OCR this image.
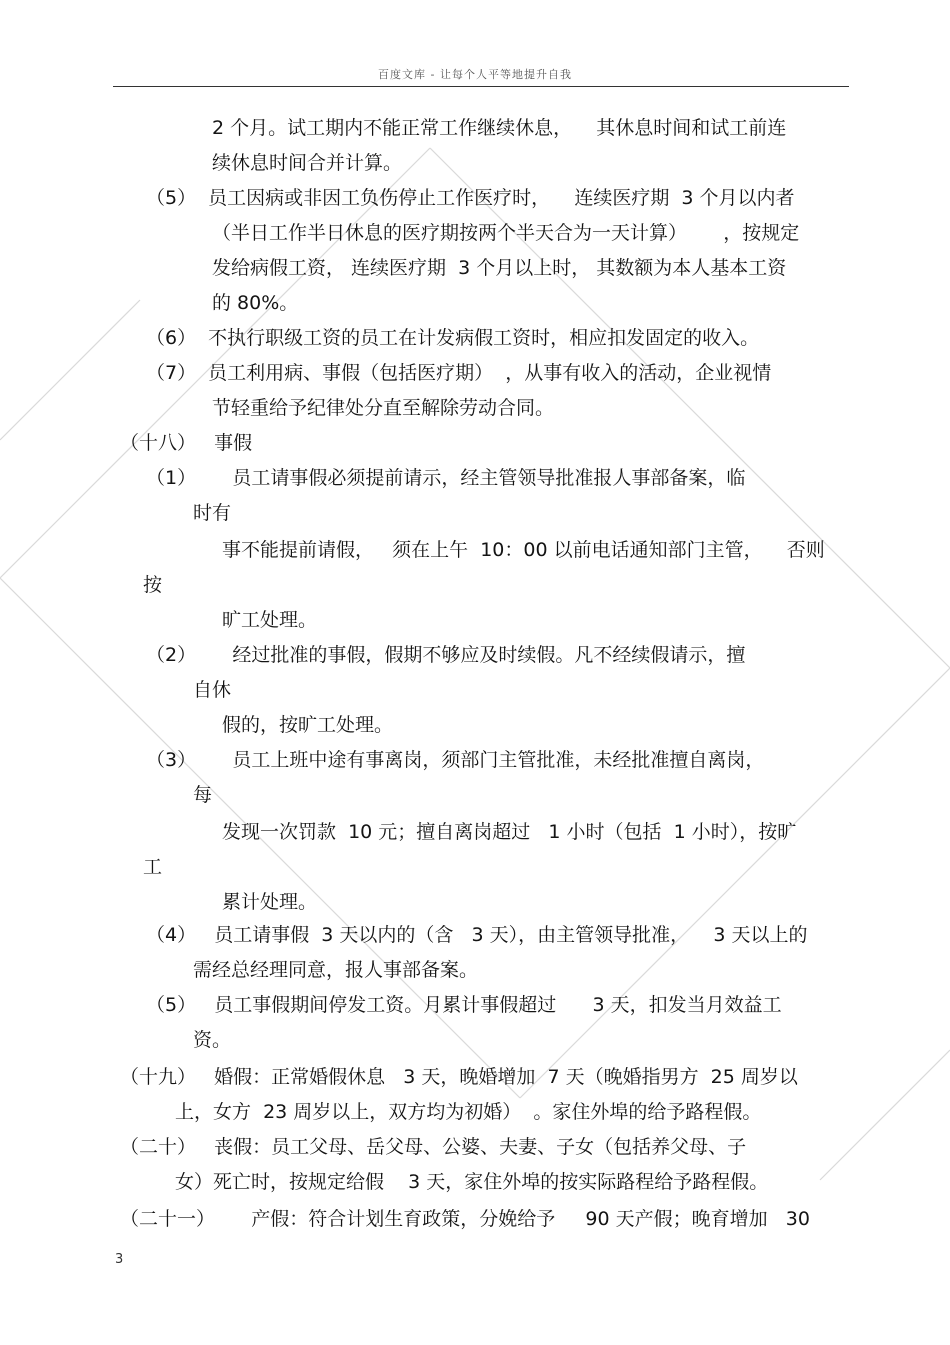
百度文库 - 让每个人平等地提升自我
2 个月。试工期内不能正常工作继续休息，    其休息时间和试工前连
续休息时间合并计算。
（5）  员工因病或非因工负伤停止工作医疗时，    连续医疗期  3 个月以内者
（半日工作半日休息的医疗期按两个半天合为一天计算）      ，按规定
发给病假工资， 连续医疗期  3 个月以上时， 其数额为本人基本工资
的 80%。
（6）  不执行职级工资的员工在计发病假工资时，相应扣发固定的收入。
（7）  员工利用病、事假（包括医疗期）  ，从事有收入的活动，企业视情
节轻重给予纪律处分直至解除劳动合同。
（十八）   事假
（1）      员工请事假必须提前请示，经主管领导批准报人事部备案，临
时有
事不能提前请假，   须在上午  10：00 以前电话通知部门主管，    否则
按
旷工处理。
（2）      经过批准的事假，假期不够应及时续假。凡不经续假请示，擅
自休
假的，按旷工处理。
（3）      员工上班中途有事离岗，须部门主管批准，未经批准擅自离岗，
每
发现一次罚款  10 元；擅自离岗超过   1 小时（包括  1 小时），按旷
工
累计处理。
（4）   员工请事假  3 天以内的（含   3 天），由主管领导批准，    3 天以上的
需经总经理同意，报人事部备案。
（5）   员工事假期间停发工资。月累计事假超过      3 天，扣发当月效益工
资。
（十九）   婚假：正常婚假休息   3 天，晚婚增加  7 天（晚婚指男方  25 周岁以
上，女方  23 周岁以上，双方均为初婚）  。家住外埠的给予路程假。
（二十）   丧假：员工父母、岳父母、公婆、夫妻、子女（包括养父母、子
女）死亡时，按规定给假    3 天，家住外埠的按实际路程给予路程假。
（二十一）      产假：符合计划生育政策，分娩给予     90 天产假；晚育增加   30
3
